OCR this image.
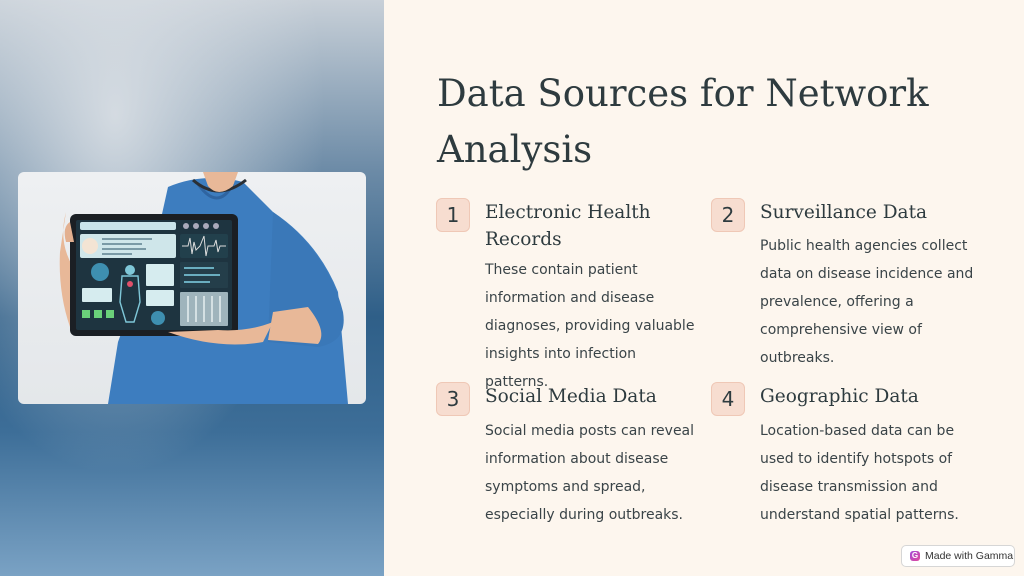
Data Sources for Network Analysis
1	Electronic Health Records

These contain patient information and disease diagnoses, providing valuable insights into infection patterns.

2	Surveillance Data

Public health agencies collect data on disease incidence and prevalence, offering a comprehensive view of outbreaks.

3	Social Media Data

Social media posts can reveal information about disease symptoms and spread, especially during outbreaks.

4	Geographic Data

Location-based data can be used to identify hotspots of disease transmission and understand spatial patterns.

G Made with Gamma
